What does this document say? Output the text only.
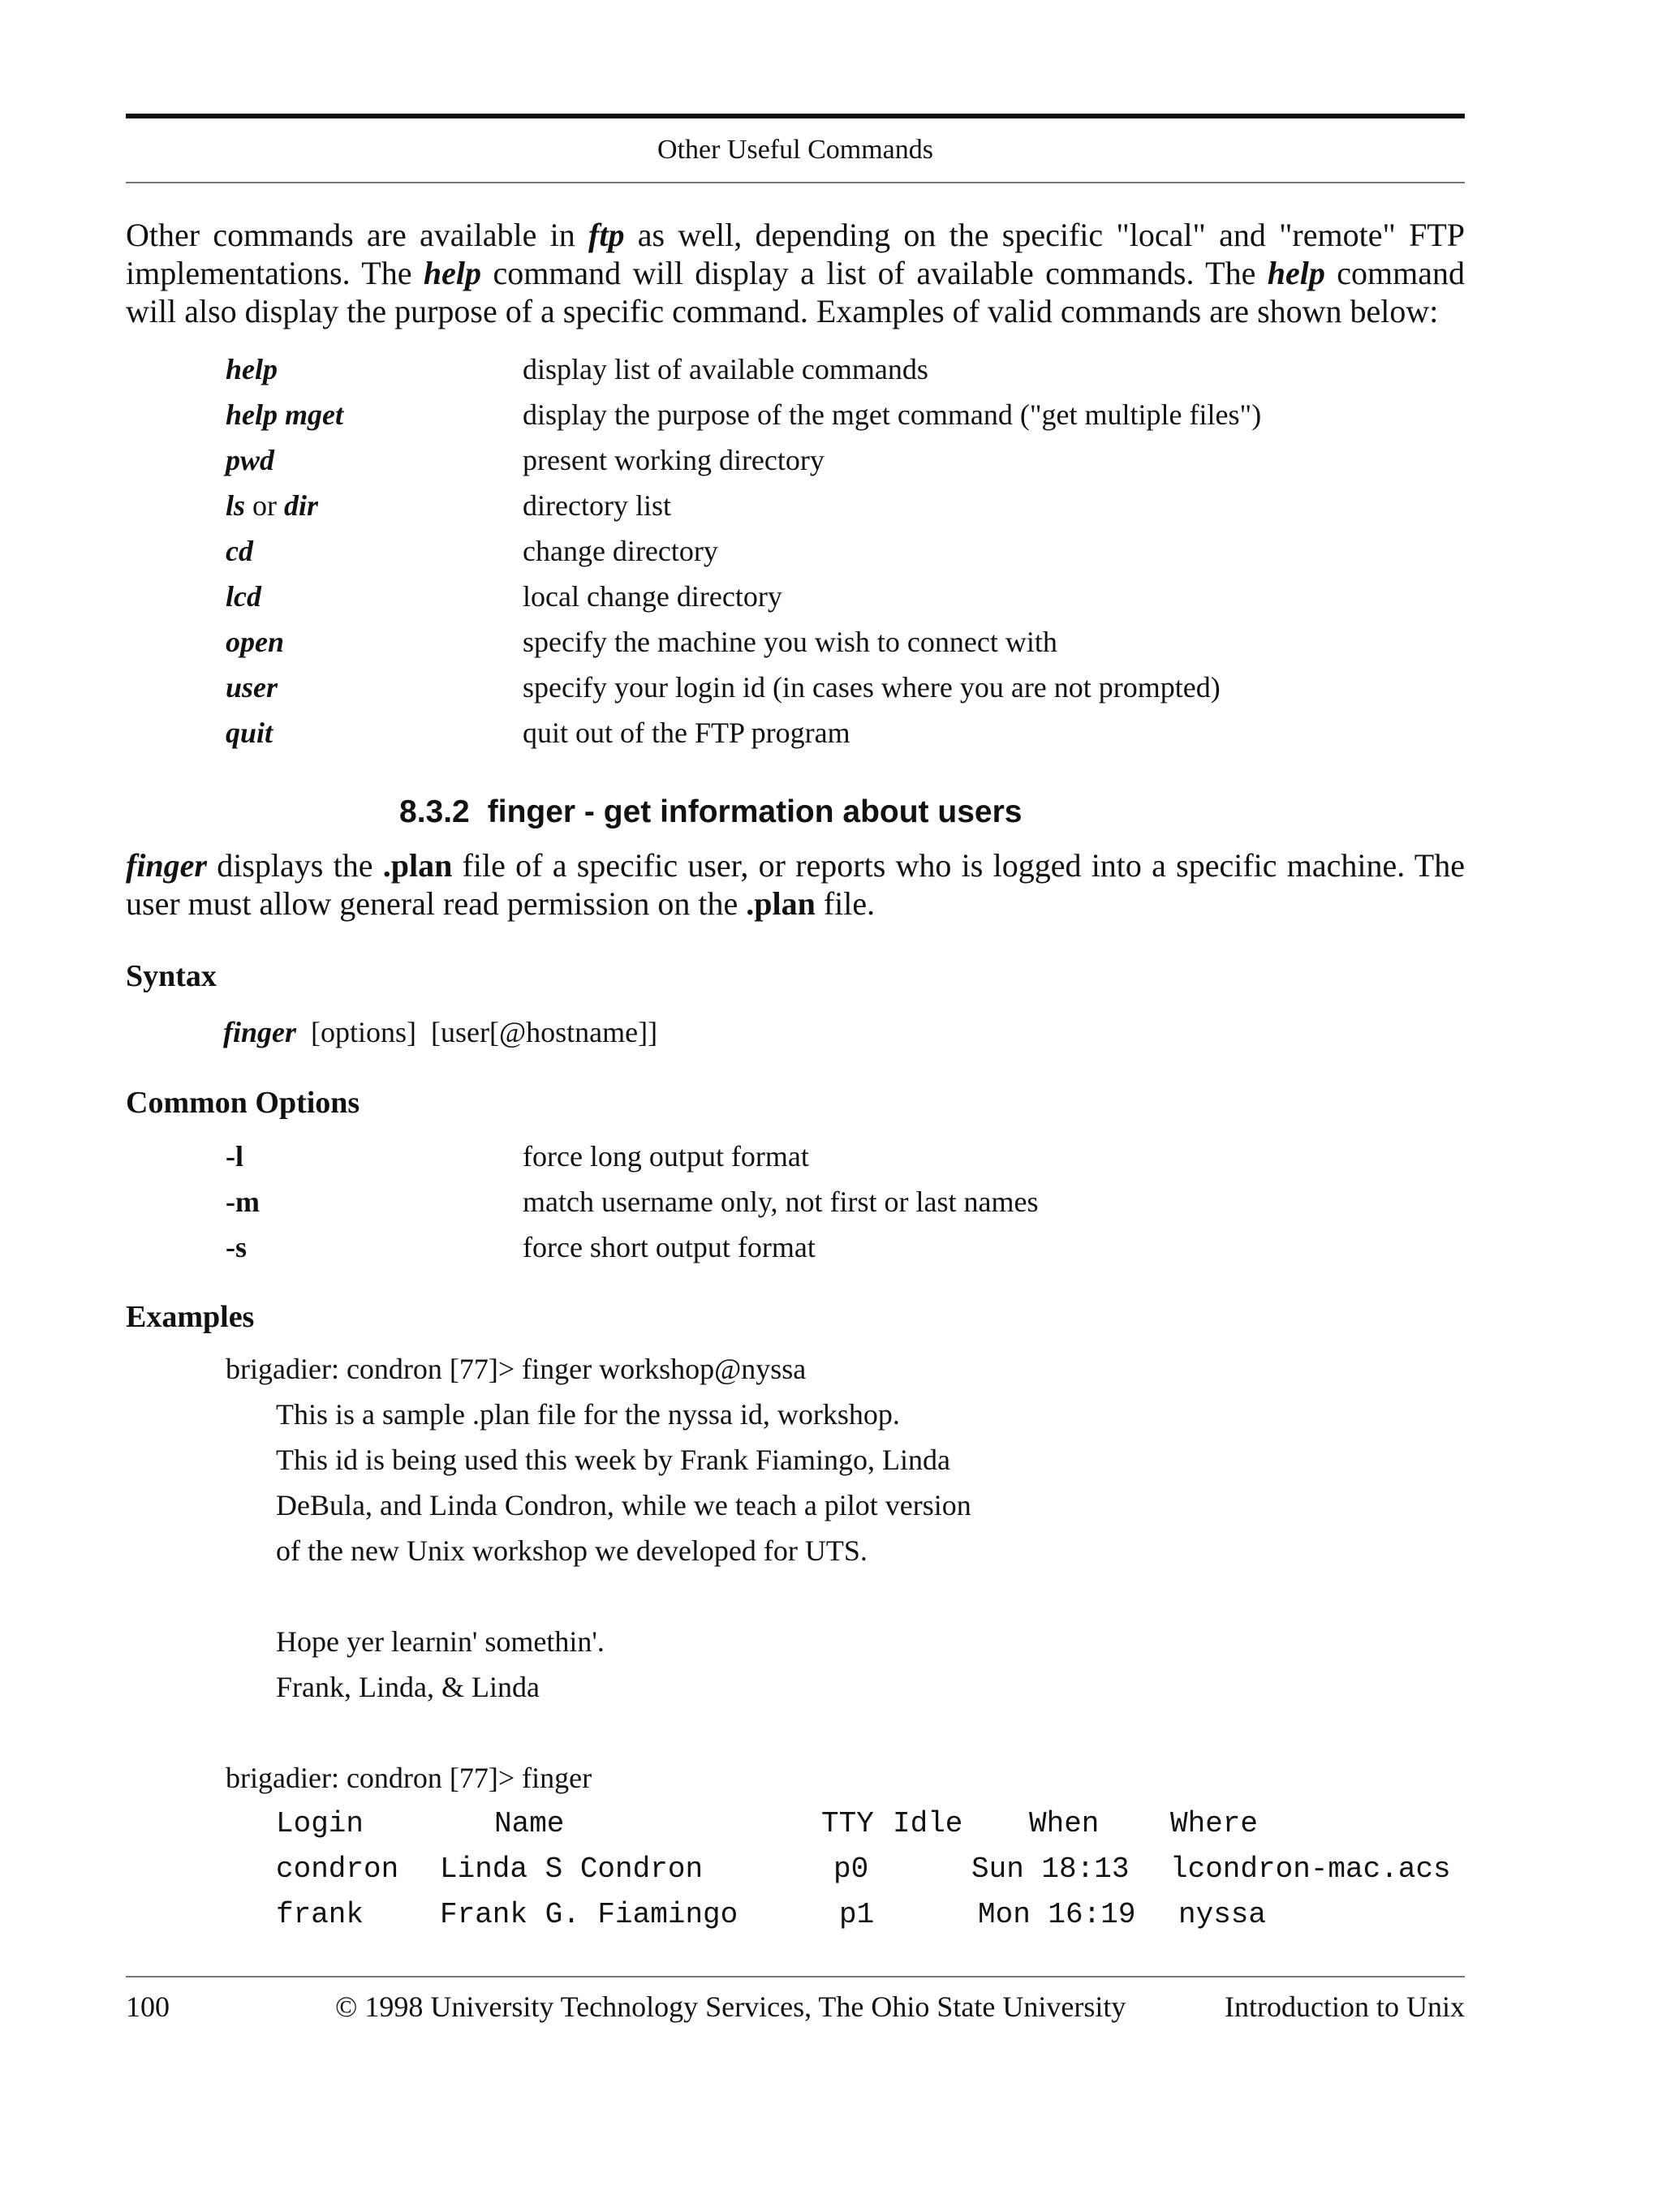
Other Useful Commands

Other commands are available in ftp as well, depending on the specific "local" and "remote" FTP implementations. The help command will display a list of available commands. The help command will also display the purpose of a specific command. Examples of valid commands are shown below:

help	display list of available commands
help mget	display the purpose of the mget command ("get multiple files")
pwd	present working directory
ls or dir	directory list
cd	change directory
lcd	local change directory
open	specify the machine you wish to connect with
user	specify your login id (in cases where you are not prompted)
quit	quit out of the FTP program
8.3.2 finger - get information about users

finger displays the .plan file of a specific user, or reports who is logged into a specific machine. The user must allow general read permission on the .plan file.

Syntax
finger [options] [user[@hostname]]
Common Options
-l	force long output format
-m	match username only, not first or last names
-s	force short output format
Examples
brigadier: condron [77]> finger workshop@nyssa
This is a sample .plan file for the nyssa id, workshop.
This id is being used this week by Frank Fiamingo, Linda
DeBula, and Linda Condron, while we teach a pilot version
of the new Unix workshop we developed for UTS.
Hope yer learnin' somethin'.
Frank, Linda, & Linda
brigadier: condron [77]> finger
Login	Name	TTY Idle	When	Where
condron	Linda S Condron	p0	Sun 18:13	lcondron-mac.acs
frank	Frank G. Fiamingo	p1	Mon 16:19	nyssa
100	© 1998 University Technology Services, The Ohio State University	Introduction to Unix
